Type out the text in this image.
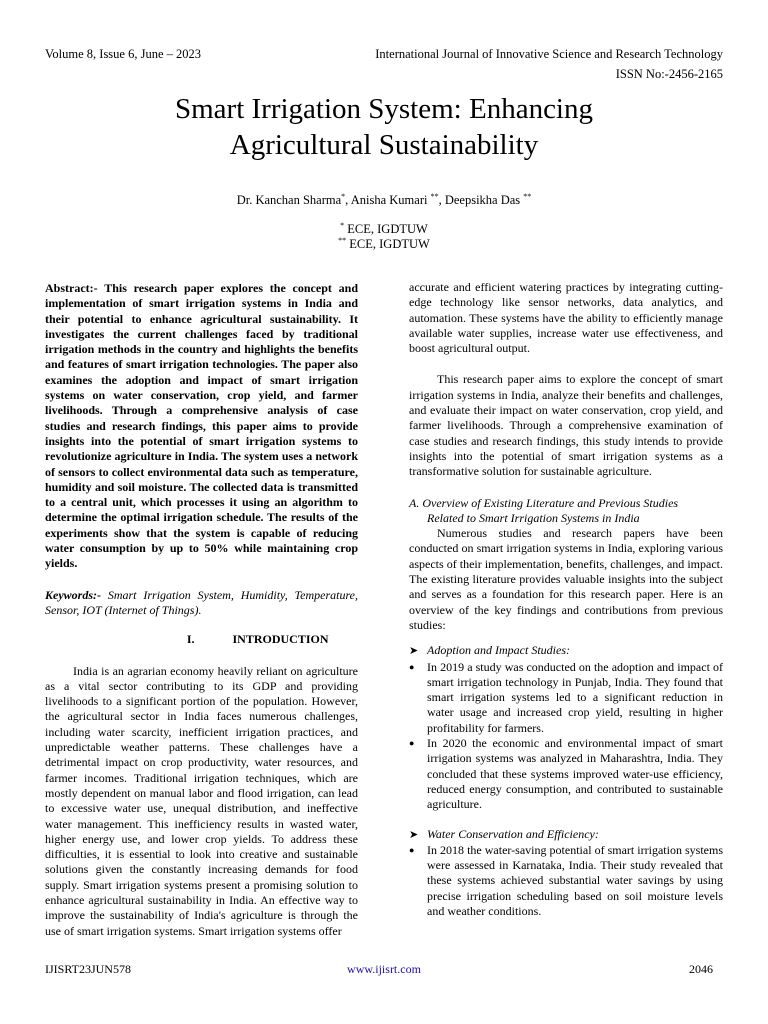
Volume 8, Issue 6, June – 2023	International Journal of Innovative Science and Research Technology
ISSN No:-2456-2165
Smart Irrigation System: Enhancing
Agricultural Sustainability
Dr. Kanchan Sharma*, Anisha Kumari **, Deepsikha Das **
* ECE, IGDTUW
** ECE, IGDTUW

Abstract:- This research paper explores the concept and implementation of smart irrigation systems in India and their potential to enhance agricultural sustainability. It investigates the current challenges faced by traditional irrigation methods in the country and highlights the benefits and features of smart irrigation technologies. The paper also examines the adoption and impact of smart irrigation systems on water conservation, crop yield, and farmer livelihoods. Through a comprehensive analysis of case studies and research findings, this paper aims to provide insights into the potential of smart irrigation systems to revolutionize agriculture in India. The system uses a network of sensors to collect environmental data such as temperature, humidity and soil moisture. The collected data is transmitted to a central unit, which processes it using an algorithm to determine the optimal irrigation schedule. The results of the experiments show that the system is capable of reducing water consumption by up to 50% while maintaining crop yields.

Keywords:- Smart Irrigation System, Humidity, Temperature, Sensor, IOT (Internet of Things).

I.	INTRODUCTION

India is an agrarian economy heavily reliant on agriculture as a vital sector contributing to its GDP and providing livelihoods to a significant portion of the population. However, the agricultural sector in India faces numerous challenges, including water scarcity, inefficient irrigation practices, and unpredictable weather patterns. These challenges have a detrimental impact on crop productivity, water resources, and farmer incomes. Traditional irrigation techniques, which are mostly dependent on manual labor and flood irrigation, can lead to excessive water use, unequal distribution, and ineffective water management. This inefficiency results in wasted water, higher energy use, and lower crop yields. To address these difficulties, it is essential to look into creative and sustainable solutions given the constantly increasing demands for food supply. Smart irrigation systems present a promising solution to enhance agricultural sustainability in India. An effective way to improve the sustainability of India's agriculture is through the use of smart irrigation systems. Smart irrigation systems offer

accurate and efficient watering practices by integrating cutting-edge technology like sensor networks, data analytics, and automation. These systems have the ability to efficiently manage available water supplies, increase water use effectiveness, and boost agricultural output.

This research paper aims to explore the concept of smart irrigation systems in India, analyze their benefits and challenges, and evaluate their impact on water conservation, crop yield, and farmer livelihoods. Through a comprehensive examination of case studies and research findings, this study intends to provide insights into the potential of smart irrigation systems as a transformative solution for sustainable agriculture.

A. Overview of Existing Literature and Previous Studies
Related to Smart Irrigation Systems in India

Numerous studies and research papers have been conducted on smart irrigation systems in India, exploring various aspects of their implementation, benefits, challenges, and impact. The existing literature provides valuable insights into the subject and serves as a foundation for this research paper. Here is an overview of the key findings and contributions from previous studies:

➤ Adoption and Impact Studies:
●	In 2019 a study was conducted on the adoption and impact of smart irrigation technology in Punjab, India. They found that smart irrigation systems led to a significant reduction in water usage and increased crop yield, resulting in higher profitability for farmers.

●	In 2020 the economic and environmental impact of smart irrigation systems was analyzed in Maharashtra, India. They concluded that these systems improved water-use efficiency, reduced energy consumption, and contributed to sustainable agriculture.

➤ Water Conservation and Efficiency:
●	In 2018 the water-saving potential of smart irrigation systems were assessed in Karnataka, India. Their study revealed that these systems achieved substantial water savings by using precise irrigation scheduling based on soil moisture levels and weather conditions.

IJISRT23JUN578	www.ijisrt.com	2046
